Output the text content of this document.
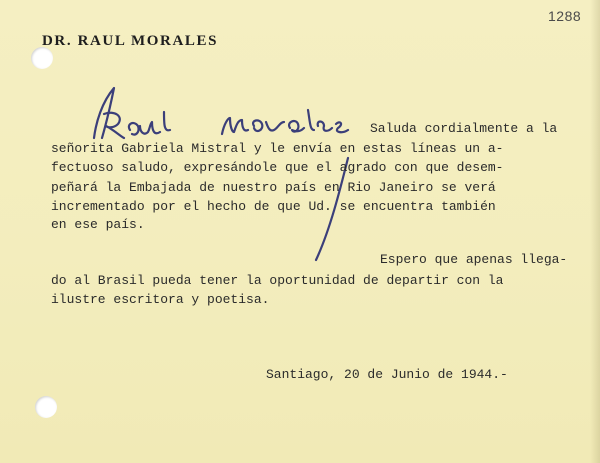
1288
DR. RAUL MORALES
Saluda cordialmente a la
señorita Gabriela Mistral y le envía en estas líneas un a-
fectuoso saludo, expresándole que el agrado con que desem-
peñará la Embajada de nuestro país en Rio Janeiro se verá
incrementado por el hecho de que Ud. se encuentra también
en ese país.
Espero que apenas llega-
do al Brasil pueda tener la oportunidad de departir con la
ilustre escritora y poetisa.
Santiago, 20 de Junio de 1944.-
